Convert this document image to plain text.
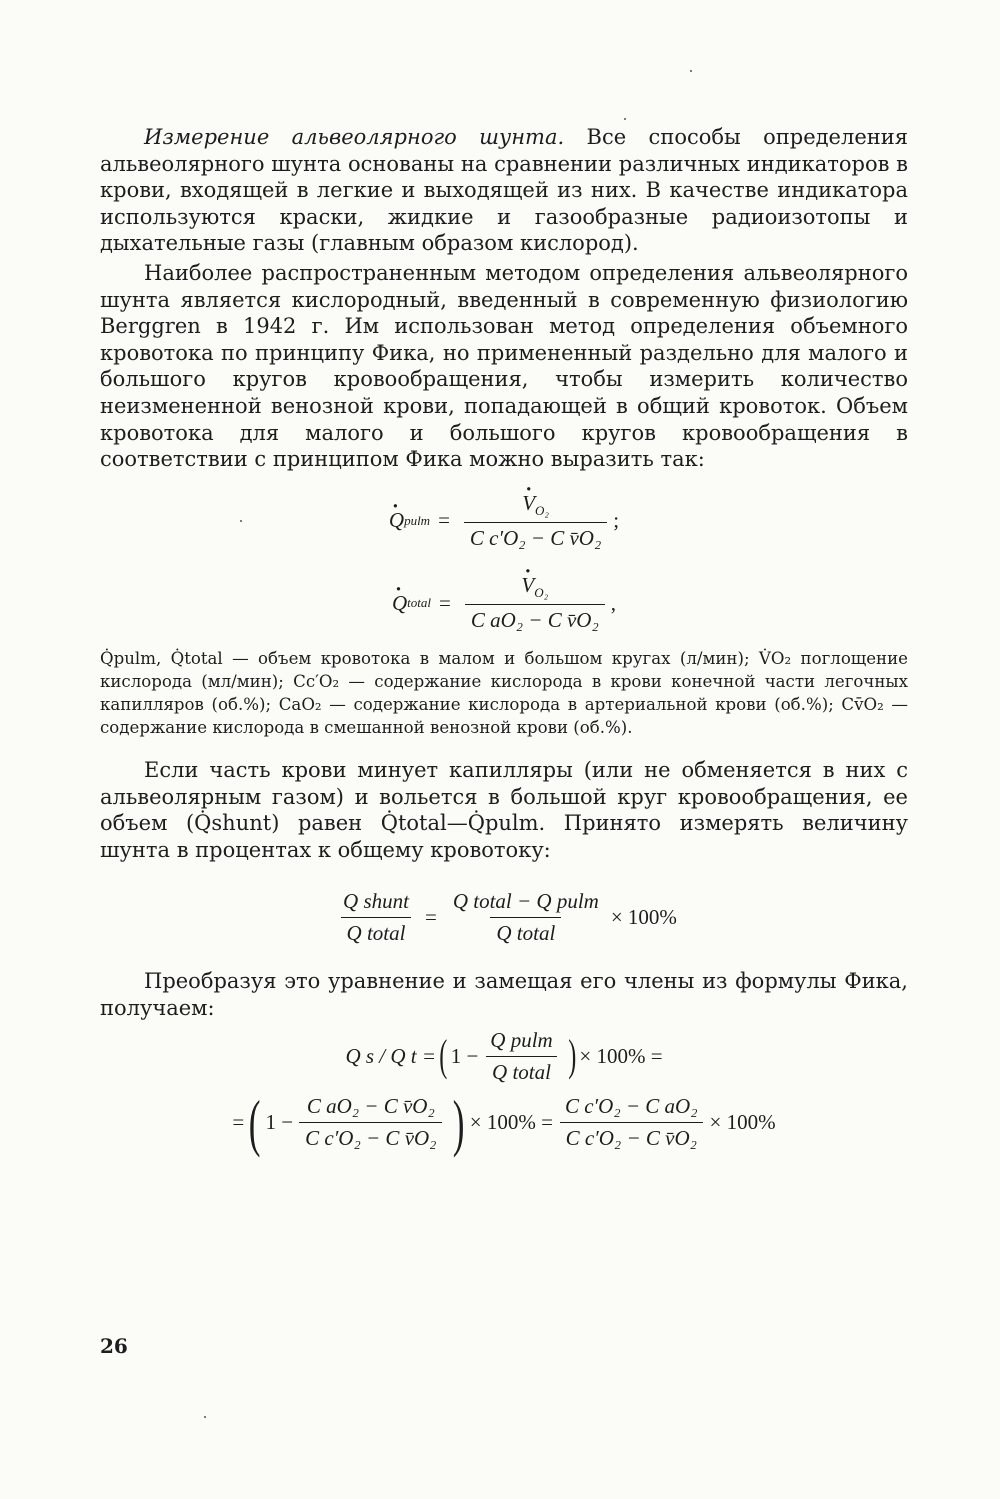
Измерение альвеолярного шунта. Все способы определения альвеолярного шунта основаны на сравнении различных индикаторов в крови, входящей в легкие и выходящей из них. В качестве индикатора используются краски, жидкие и газообразные радиоизотопы и дыхательные газы (главным образом кислород).

Наиболее распространенным методом определения альвеолярного шунта является кислородный, введенный в современную физиологию Berggren в 1942 г. Им использован метод определения объемного кровотока по принципу Фика, но примененный раздельно для малого и большого кругов кровообращения, чтобы измерить количество неизмененной венозной крови, попадающей в общий кровоток. Объем кровотока для малого и большого кругов кровообращения в соответствии с принципом Фика можно выразить так:

· Q pulm = · $\frac{V_{O_2}}{\text{C c′O₂ − C v̄O₂}}$ ;
· Q total = · $\frac{V_{O_2}}{\text{C aO₂ − C v̄O₂}}$ ,

Q̇pulm, Q̇total — объем кровотока в малом и большом кругах (л/мин); V̇O₂ поглощение кислорода (мл/мин); Cc′O₂ — содержание кислорода в крови конечной части легочных капилляров (об.%); CaO₂ — содержание кислорода в артериальной крови (об.%); Cv̄O₂ — содержание кислорода в смешанной венозной крови (об.%).

Если часть крови минует капилляры (или не обменяется в них с альвеолярным газом) и вольется в большой круг кровообращения, ее объем (Q̇shunt) равен Q̇total—Q̇pulm. Принято измерять величину шунта в процентах к общему кровотоку:

$\frac{\text{Q shunt}}{\text{Q total}} = \frac{\text{Q total − Q pulm}}{\text{Q total}} \times 100\%$

Преобразуя это уравнение и замещая его члены из формулы Фика, получаем:

Q s / Q t = ( $1 - \frac{\text{Q pulm}}{\text{Q total}}$ ) × 100% =
= ( $1 - \frac{\text{C aO₂ − C v̄O₂}}{\text{C c′O₂ − C v̄O₂}}$ ) × $100\% = \frac{\text{C c′O₂ − C aO₂}}{\text{C c′O₂ − C v̄O₂}} \times 100\%$
26
